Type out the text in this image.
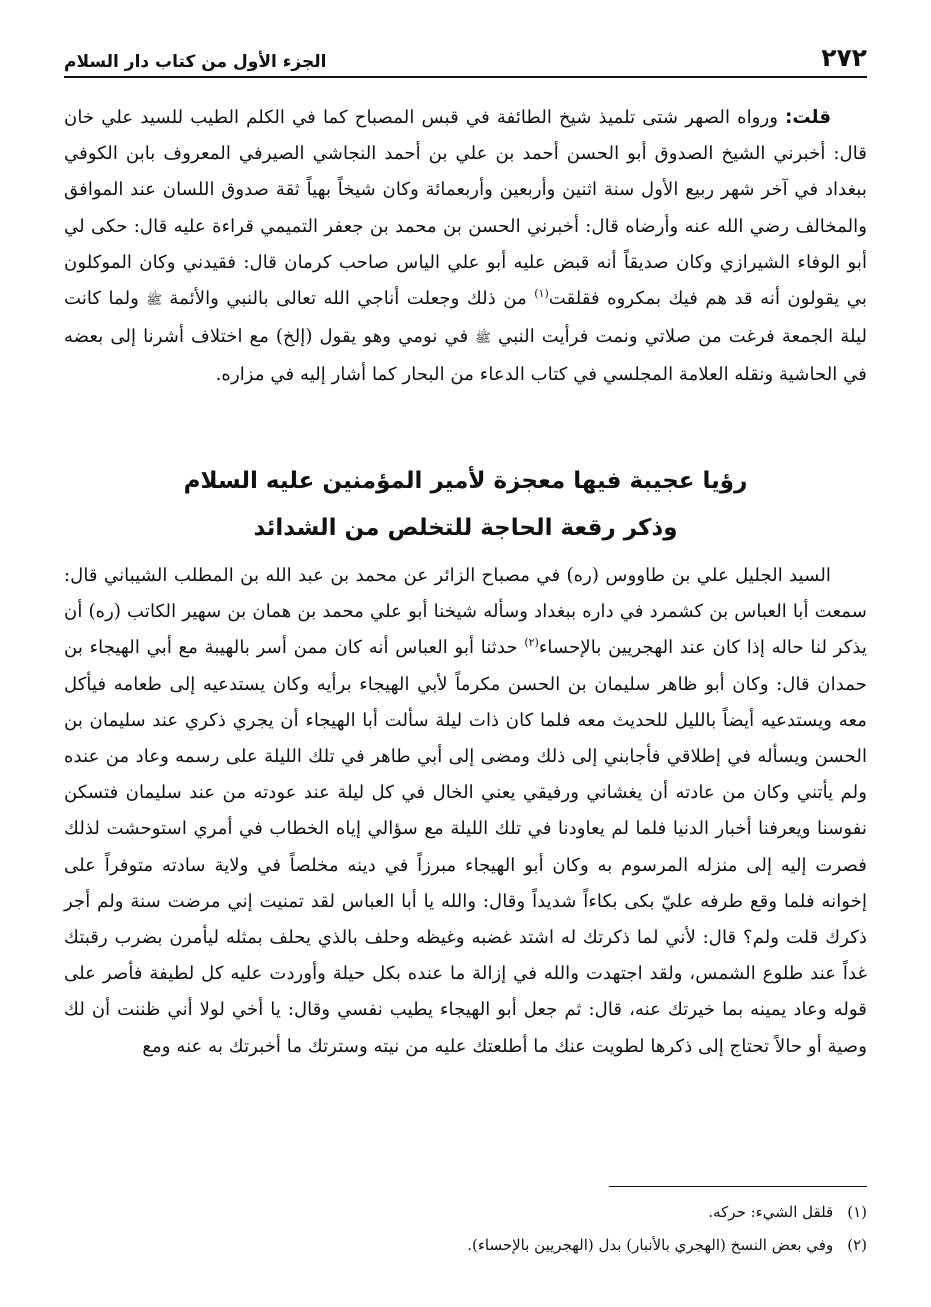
٢٧٢
الجزء الأول من كتاب دار السلام

قلت: ورواه الصهر شتى تلميذ شيخ الطائفة في قبس المصباح كما في الكلم الطيب للسيد علي خان قال: أخبرني الشيخ الصدوق أبو الحسن أحمد بن علي بن أحمد النجاشي الصيرفي المعروف بابن الكوفي ببغداد في آخر شهر ربيع الأول سنة اثنين وأربعين وأربعمائة وكان شيخاً بهياً ثقة صدوق اللسان عند الموافق والمخالف رضي الله عنه وأرضاه قال: أخبرني الحسن بن محمد بن جعفر التميمي قراءة عليه قال: حكى لي أبو الوفاء الشيرازي وكان صديقاً أنه قبض عليه أبو علي الياس صاحب كرمان قال: فقيدني وكان الموكلون بي يقولون أنه قد هم فيك بمكروه فقلقت$^{(١)}$ من ذلك وجعلت أناجي الله تعالى بالنبي والأئمة ﷺ ولما كانت ليلة الجمعة فرغت من صلاتي ونمت فرأيت النبي ﷺ في نومي وهو يقول (إلخ) مع اختلاف أشرنا إلى بعضه في الحاشية ونقله العلامة المجلسي في كتاب الدعاء من البحار كما أشار إليه في مزاره.

رؤيا عجيبة فيها معجزة لأمير المؤمنين عليه السلام
وذكر رقعة الحاجة للتخلص من الشدائد

السيد الجليل علي بن طاووس (ره) في مصباح الزائر عن محمد بن عبد الله بن المطلب الشيباني قال: سمعت أبا العباس بن كشمرد في داره ببغداد وسأله شيخنا أبو علي محمد بن همان بن سهير الكاتب (ره) أن يذكر لنا حاله إذا كان عند الهجريين بالإحساء$^{(٢)}$ حدثنا أبو العباس أنه كان ممن أسر بالهيبة مع أبي الهيجاء بن حمدان قال: وكان أبو ظاهر سليمان بن الحسن مكرماً لأبي الهيجاء برأيه وكان يستدعيه إلى طعامه فيأكل معه ويستدعيه أيضاً بالليل للحديث معه فلما كان ذات ليلة سألت أبا الهيجاء أن يجري ذكري عند سليمان بن الحسن ويسأله في إطلاقي فأجابني إلى ذلك ومضى إلى أبي طاهر في تلك الليلة على رسمه وعاد من عنده ولم يأتني وكان من عادته أن يغشاني ورفيقي يعني الخال في كل ليلة عند عودته من عند سليمان فتسكن نفوسنا ويعرفنا أخبار الدنيا فلما لم يعاودنا في تلك الليلة مع سؤالي إياه الخطاب في أمري استوحشت لذلك فصرت إليه إلى منزله المرسوم به وكان أبو الهيجاء مبرزاً في دينه مخلصاً في ولاية سادته متوفراً على إخوانه فلما وقع طرفه عليّ بكى بكاءاً شديداً وقال: والله يا أبا العباس لقد تمنيت إني مرضت سنة ولم أجر ذكرك قلت ولم؟ قال: لأني لما ذكرتك له اشتد غضبه وغيظه وحلف بالذي يحلف بمثله ليأمرن بضرب رقبتك غداً عند طلوع الشمس، ولقد اجتهدت والله في إزالة ما عنده بكل حيلة وأوردت عليه كل لطيفة فأصر على قوله وعاد يمينه بما خيرتك عنه، قال: ثم جعل أبو الهيجاء يطيب نفسي وقال: يا أخي لولا أني ظننت أن لك وصية أو حالاً تحتاج إلى ذكرها لطويت عنك ما أطلعتك عليه من نيته وسترتك ما أخبرتك به عنه ومع

(١)
قلقل الشيء: حركه.
(٢)
وفي بعض النسخ (الهجري بالأنبار) بدل (الهجريين بالإحساء).
